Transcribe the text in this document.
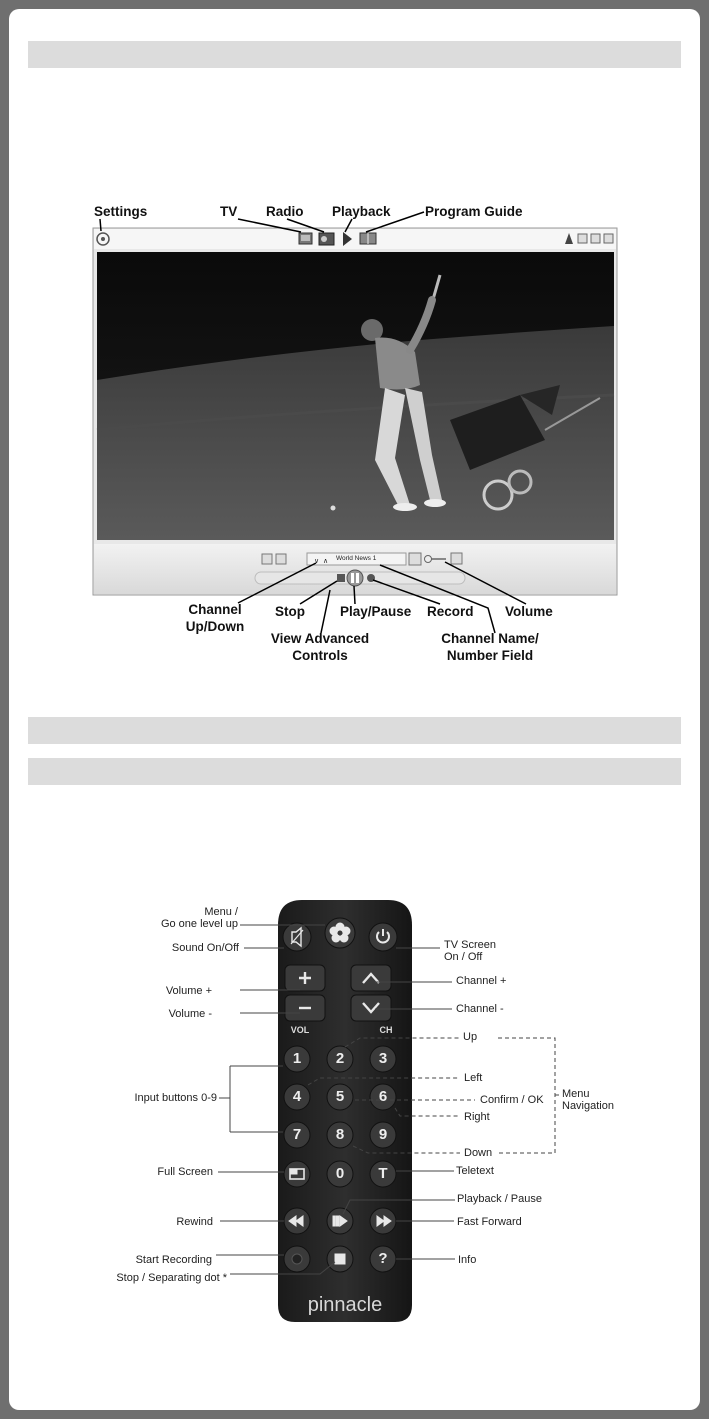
∨ ∧
Settings	TV Radio Playback	Program Guide
Channel
Up/Down
Stop	Play/Pause Record Volume
View Advanced
Controls
Channel Name/
Number Field
World News 1
pinnacle
VOL	CH
1	2	3
4	5	6
7	8	9
0	T
?
Menu /
Go one level up
Sound On/Off
Volume +
Volume -
Input buttons 0-9
Full Screen
Rewind
Start Recording
Stop / Separating dot *
TV Screen
On / Off
Channel +
Channel -
Up
Left
Confirm / OK
Right
Down
Teletext
Playback / Pause
Fast Forward
Info
Menu
Navigation
